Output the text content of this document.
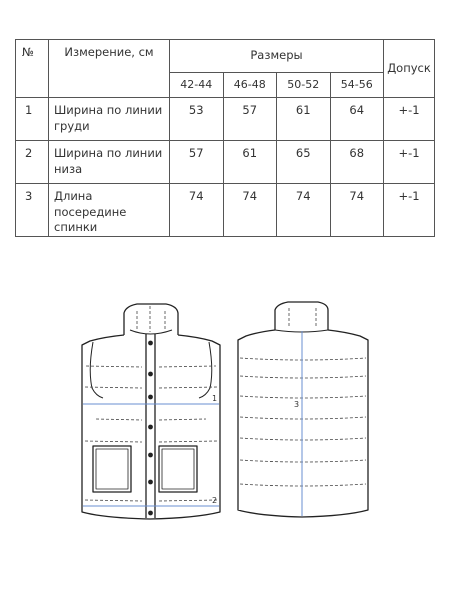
№	Измерение, см	Размеры				Допуск
		42-44	46-48	50-52	54-56	
1	Ширина по линии груди	53	57	61	64	+-1
2	Ширина по линии низа	57	61	65	68	+-1
3	Длина посередине спинки	74	74	74	74	+-1
1
2
3
